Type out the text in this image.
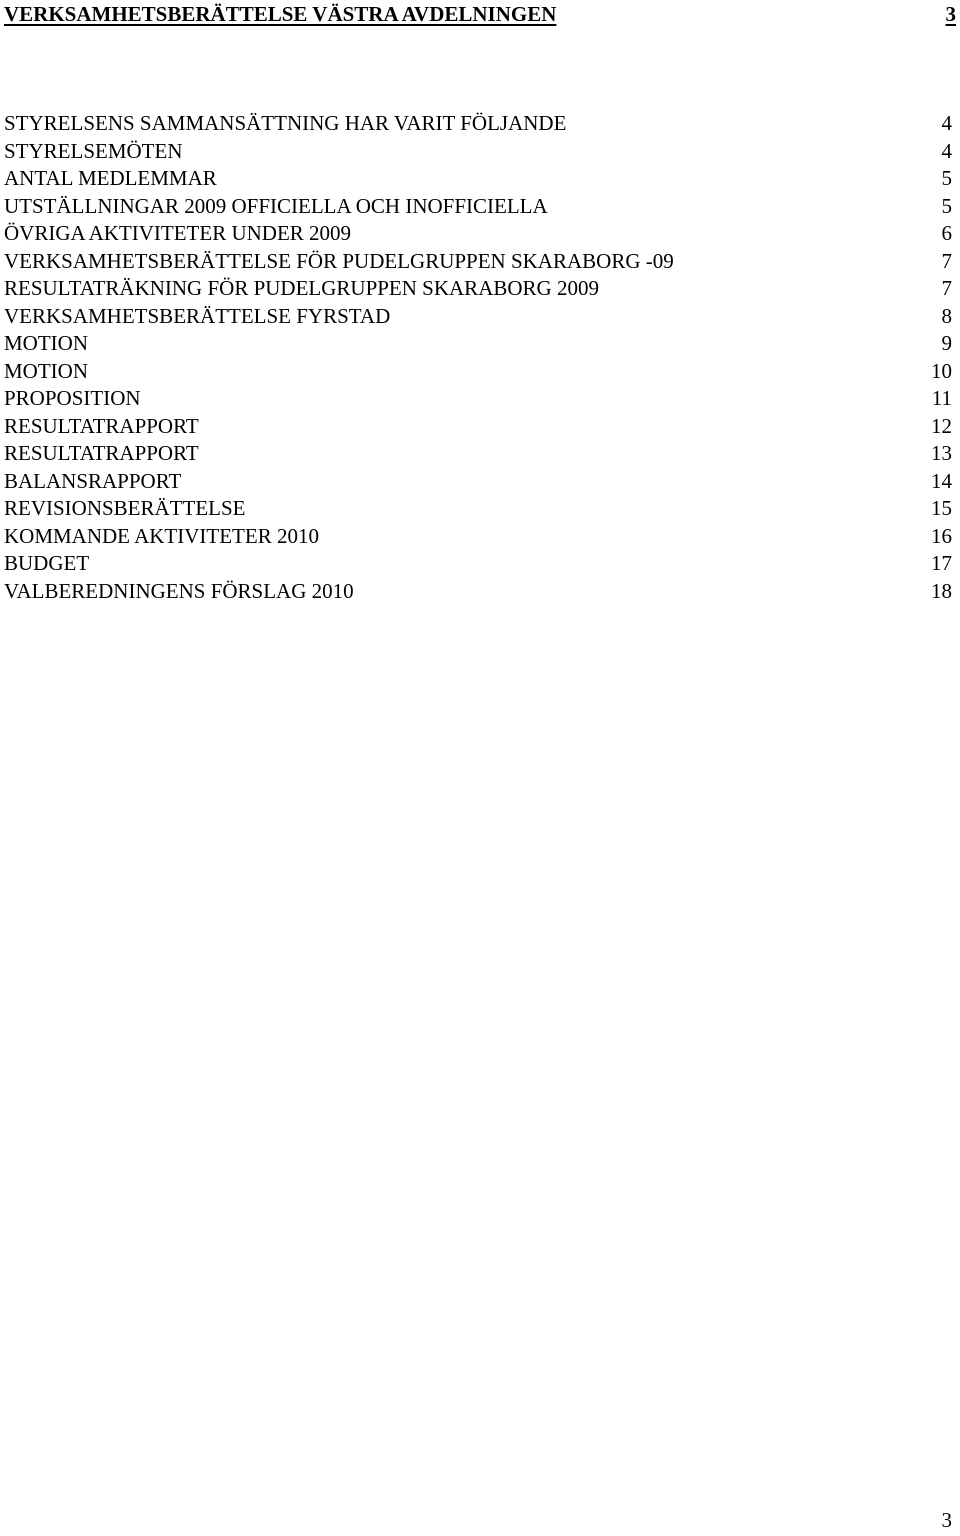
VERKSAMHETSBERÄTTELSE VÄSTRA AVDELNINGEN	3
STYRELSENS SAMMANSÄTTNING HAR VARIT FÖLJANDE	4
STYRELSEMÖTEN	4
ANTAL MEDLEMMAR	5
UTSTÄLLNINGAR 2009 OFFICIELLA OCH INOFFICIELLA	5
ÖVRIGA AKTIVITETER UNDER 2009	6
VERKSAMHETSBERÄTTELSE FÖR PUDELGRUPPEN SKARABORG -09	7
RESULTATRÄKNING FÖR PUDELGRUPPEN SKARABORG 2009	7
VERKSAMHETSBERÄTTELSE FYRSTAD	8
MOTION	9
MOTION	10
PROPOSITION	11
RESULTATRAPPORT	12
RESULTATRAPPORT	13
BALANSRAPPORT	14
REVISIONSBERÄTTELSE	15
KOMMANDE AKTIVITETER 2010	16
BUDGET	17
VALBEREDNINGENS FÖRSLAG 2010	18
3
